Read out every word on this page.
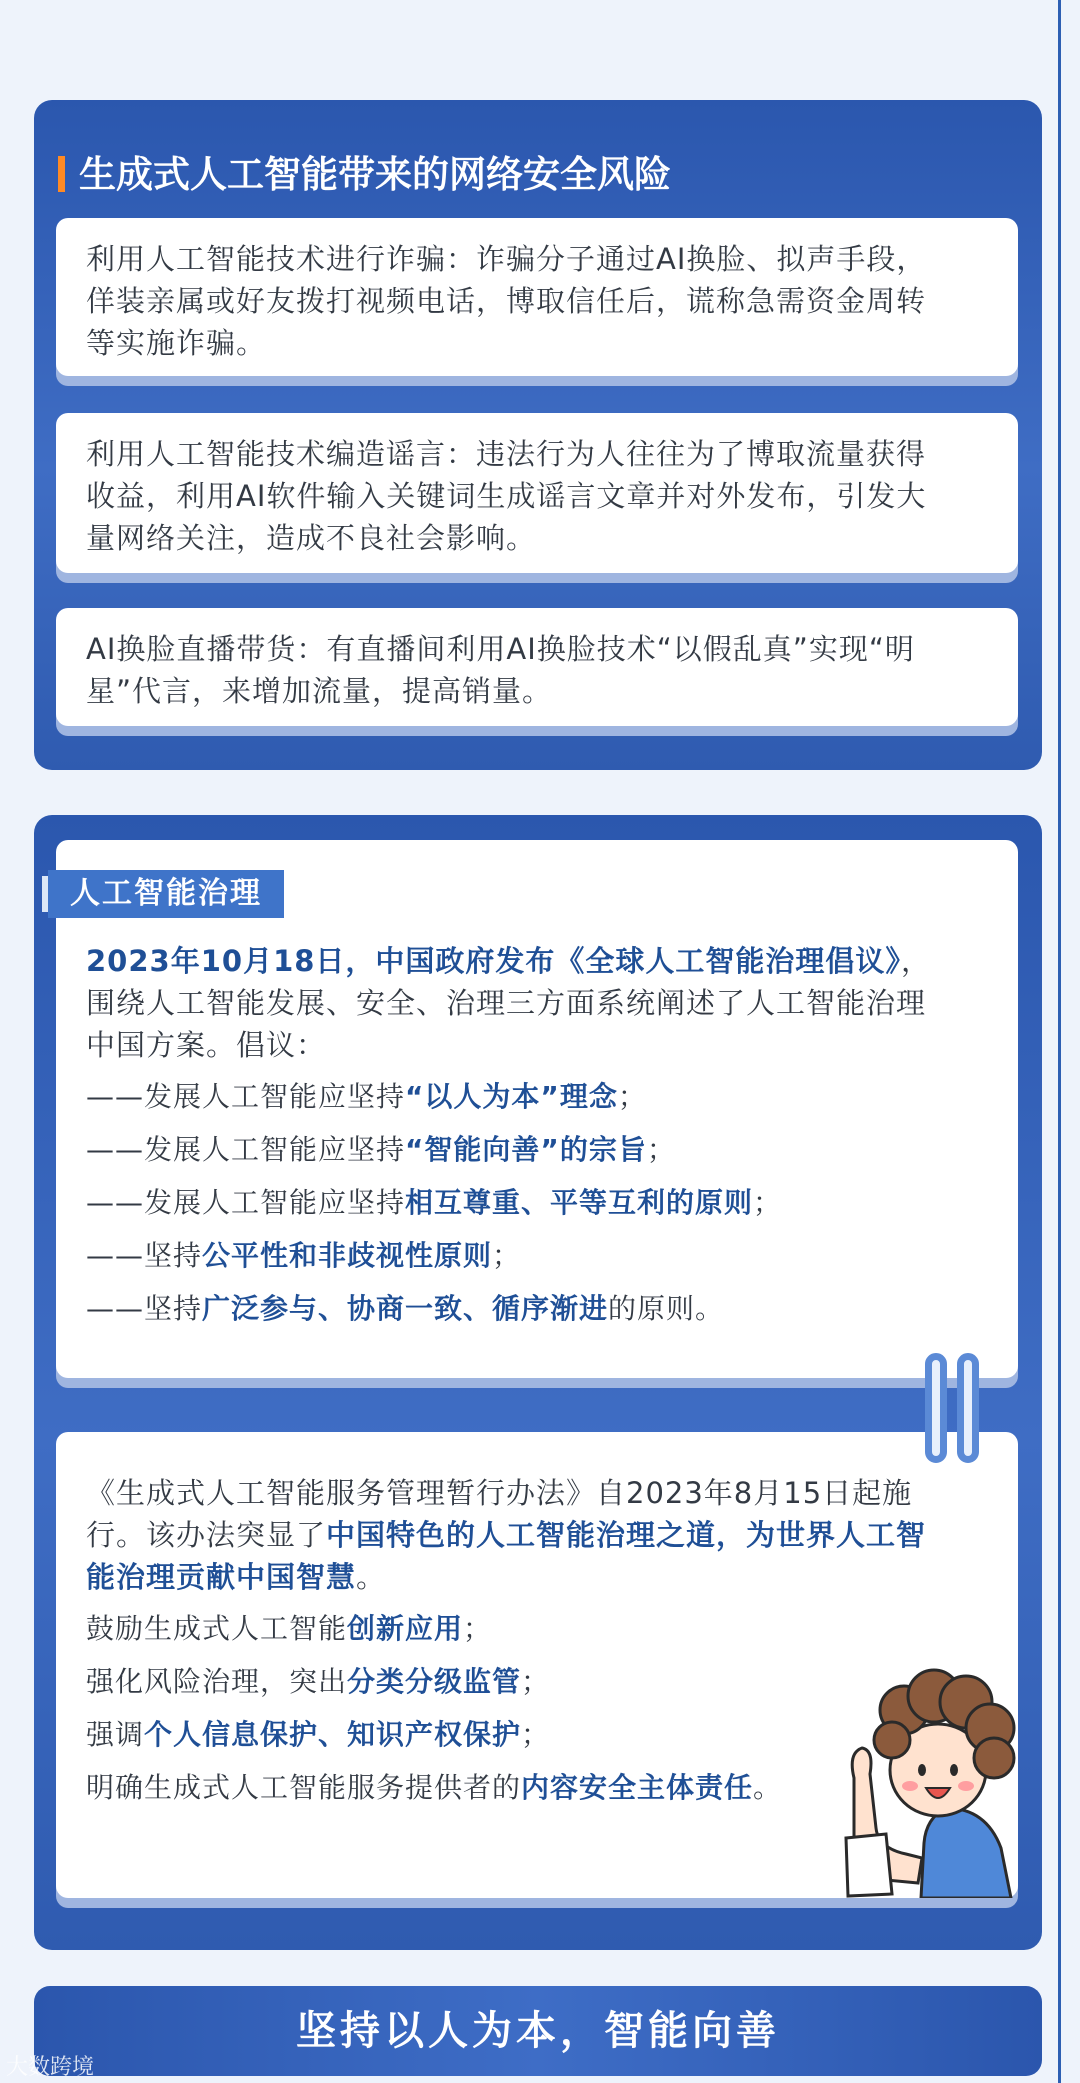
生成式人工智能带来的网络安全风险

利用人工智能技术进行诈骗：诈骗分子通过AI换脸、拟声手段，

佯装亲属或好友拨打视频电话，博取信任后，谎称急需资金周转

等实施诈骗。

利用人工智能技术编造谣言：违法行为人往往为了博取流量获得

收益，利用AI软件输入关键词生成谣言文章并对外发布，引发大

量网络关注，造成不良社会影响。

AI换脸直播带货：有直播间利用AI换脸技术“以假乱真”实现“明

星”代言，来增加流量，提高销量。

2023年10月18日，中国政府发布《全球人工智能治理倡议》，
围绕人工智能发展、安全、治理三方面系统阐述了人工智能治理
中国方案。倡议：
——发展人工智能应坚持“以人为本”理念；
——发展人工智能应坚持“智能向善”的宗旨；
——发展人工智能应坚持相互尊重、平等互利的原则；
——坚持公平性和非歧视性原则；
——坚持广泛参与、协商一致、循序渐进的原则。
人工智能治理
《生成式人工智能服务管理暂行办法》自2023年8月15日起施
行。该办法突显了中国特色的人工智能治理之道，为世界人工智
能治理贡献中国智慧。
鼓励生成式人工智能创新应用；
强化风险治理，突出分类分级监管；
强调个人信息保护、知识产权保护；
明确生成式人工智能服务提供者的内容安全主体责任。
坚持以人为本，智能向善
大数跨境
